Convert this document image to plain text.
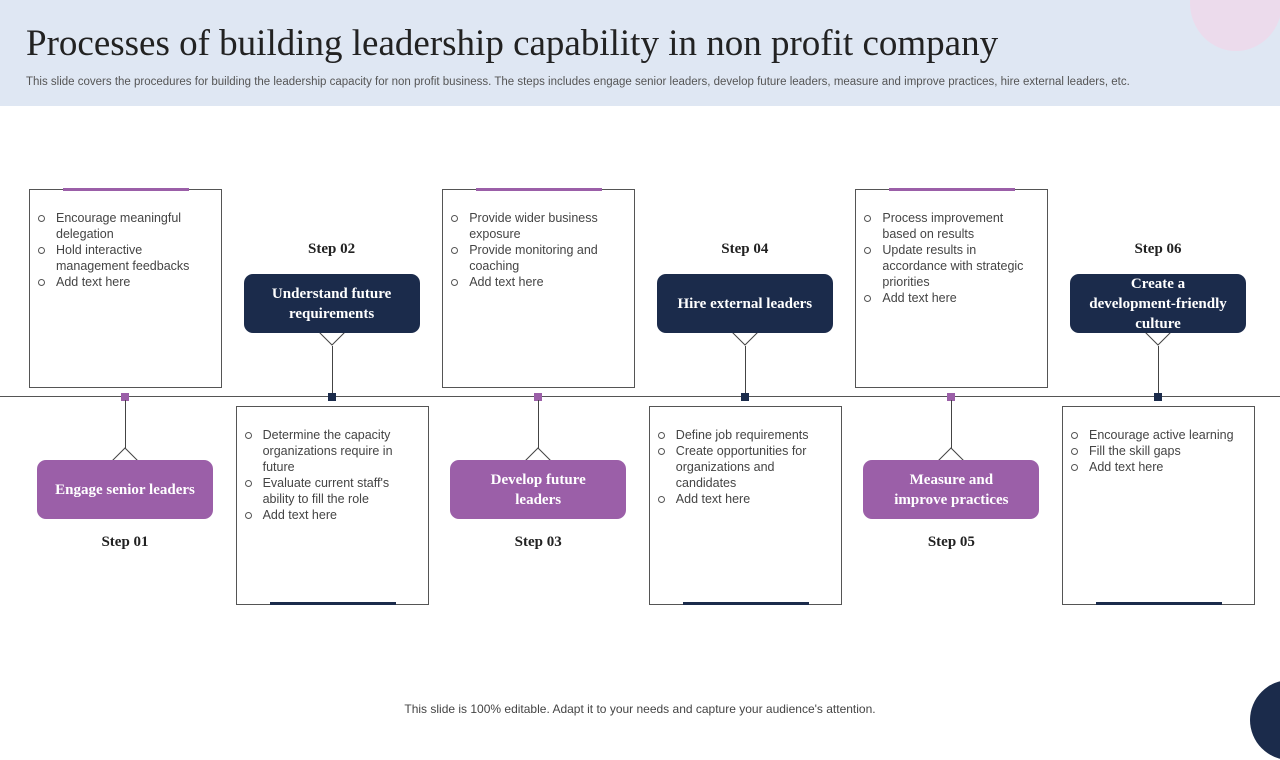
Processes of building leadership capability in non profit company
This slide covers the procedures for building the leadership capacity for non profit business. The steps includes engage senior leaders, develop future leaders, measure and improve practices, hire external leaders, etc.
Encourage meaningful delegation
Hold interactive management feedbacks
Add text here
Engage senior leaders
Step 01
Determine the capacity organizations require in future
Evaluate current staff's ability to fill the role
Add text here
Understand future requirements
Step 02
Provide wider business exposure
Provide monitoring and coaching
Add text here
Develop future leaders
Step 03
Define job requirements
Create opportunities for organizations and candidates
Add text here
Hire external leaders
Step 04
Process improvement based on results
Update results in accordance with strategic priorities
Add text here
Measure and improve practices
Step 05
Encourage active learning
Fill the skill gaps
Add text here
Create a development-friendly culture
Step 06
This slide is 100% editable. Adapt it to your needs and capture your audience's attention.
